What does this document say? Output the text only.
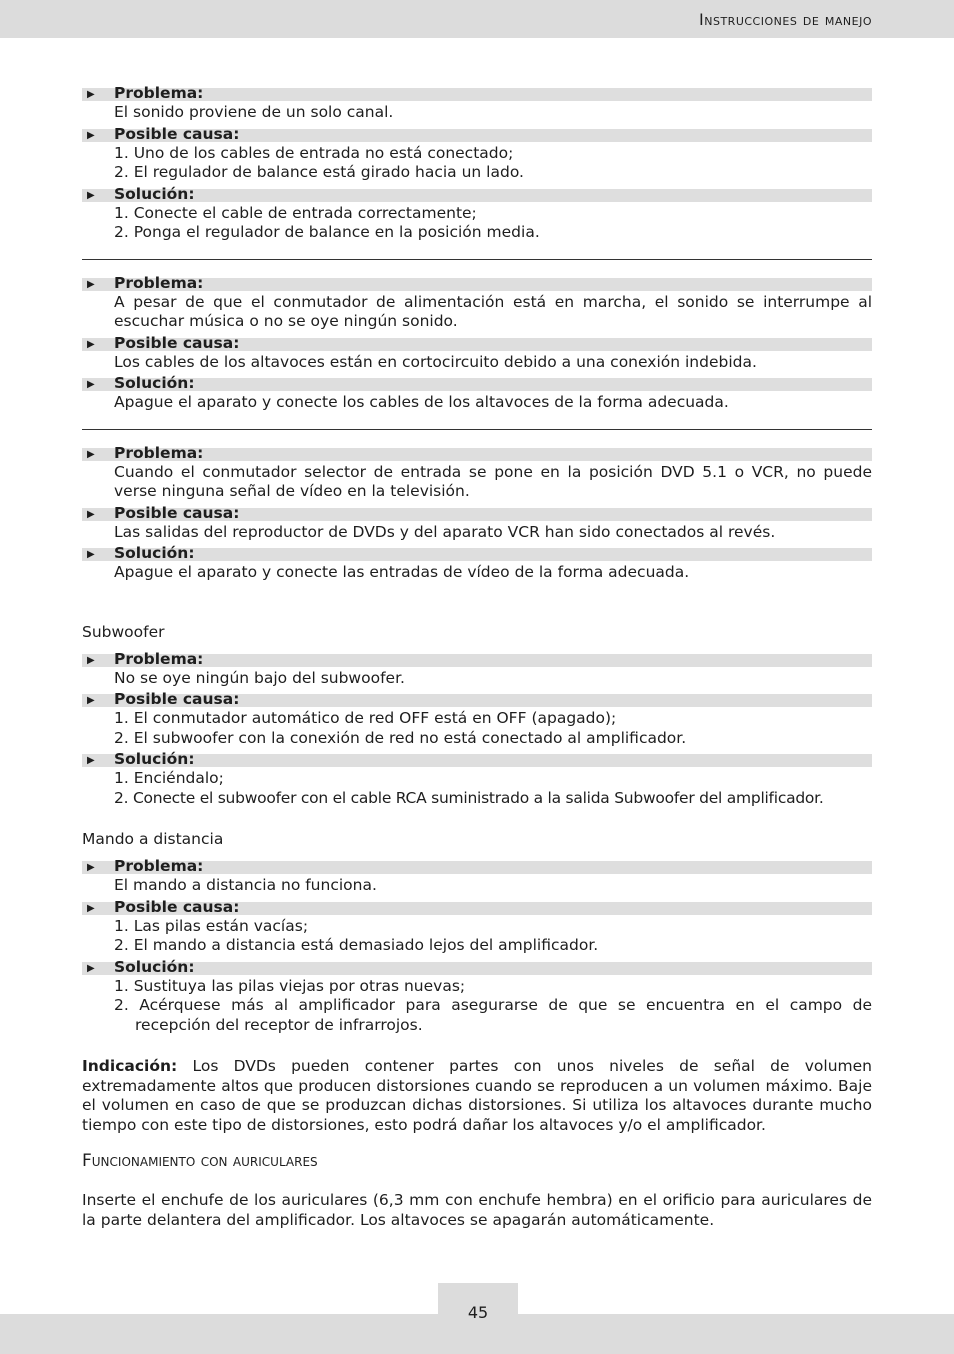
Instrucciones de manejo
▶ Problema:
El sonido proviene de un solo canal.
▶ Posible causa:
1. Uno de los cables de entrada no está conectado;
2. El regulador de balance está girado hacia un lado.
▶ Solución:
1. Conecte el cable de entrada correctamente;
2. Ponga el regulador de balance en la posición media.
▶ Problema:
A pesar de que el conmutador de alimentación está en marcha, el sonido se interrumpe al escuchar música o no se oye ningún sonido.
▶ Posible causa:
Los cables de los altavoces están en cortocircuito debido a una conexión indebida.
▶ Solución:
Apague el aparato y conecte los cables de los altavoces de la forma adecuada.
▶ Problema:
Cuando el conmutador selector de entrada se pone en la posición DVD 5.1 o VCR, no puede verse ninguna señal de vídeo en la televisión.
▶ Posible causa:
Las salidas del reproductor de DVDs y del aparato VCR han sido conectados al revés.
▶ Solución:
Apague el aparato y conecte las entradas de vídeo de la forma adecuada.
Subwoofer
▶ Problema:
No se oye ningún bajo del subwoofer.
▶ Posible causa:
1. El conmutador automático de red OFF está en OFF (apagado);
2. El subwoofer con la conexión de red no está conectado al amplificador.
▶ Solución:
1. Enciéndalo;
2. Conecte el subwoofer con el cable RCA suministrado a la salida Subwoofer del amplificador.
Mando a distancia
▶ Problema:
El mando a distancia no funciona.
▶ Posible causa:
1. Las pilas están vacías;
2. El mando a distancia está demasiado lejos del amplificador.
▶ Solución:
1. Sustituya las pilas viejas por otras nuevas;
2. Acérquese más al amplificador para asegurarse de que se encuentra en el campo de recepción del receptor de infrarrojos.
Indicación: Los DVDs pueden contener partes con unos niveles de señal de volumen extremadamente altos que producen distorsiones cuando se reproducen a un volumen máximo. Baje el volumen en caso de que se produzcan dichas distorsiones. Si utiliza los altavoces durante mucho tiempo con este tipo de distorsiones, esto podrá dañar los altavoces y/o el amplificador.
Funcionamiento con auriculares
Inserte el enchufe de los auriculares (6,3 mm con enchufe hembra) en el orificio para auriculares de la parte delantera del amplificador. Los altavoces se apagarán automáticamente.
45
